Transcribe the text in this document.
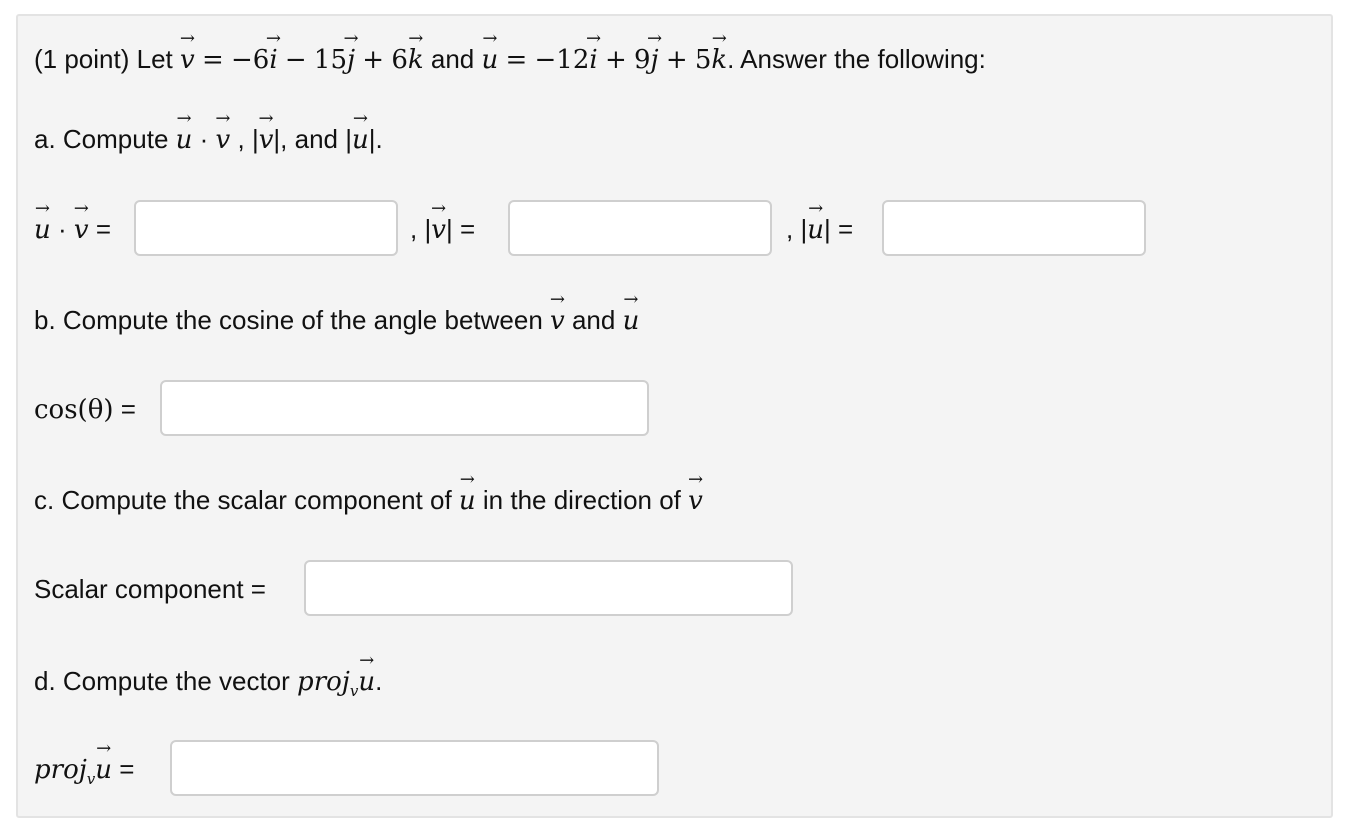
(1 point) Let → v = −6→ i − 15→ j + 6→ k and → u = −12→ i + 9→ j + 5→ k. Answer the following:
a. Compute → u · → v , |→ v|, and |→ u|.
→ u · → v =	, |→ v| =	, |→ u| =
b. Compute the cosine of the angle between → v and → u
cos(θ) =
c. Compute the scalar component of → u in the direction of → v
Scalar component =
d. Compute the vector proj$_v$→ u.
proj$_v$→ u =
